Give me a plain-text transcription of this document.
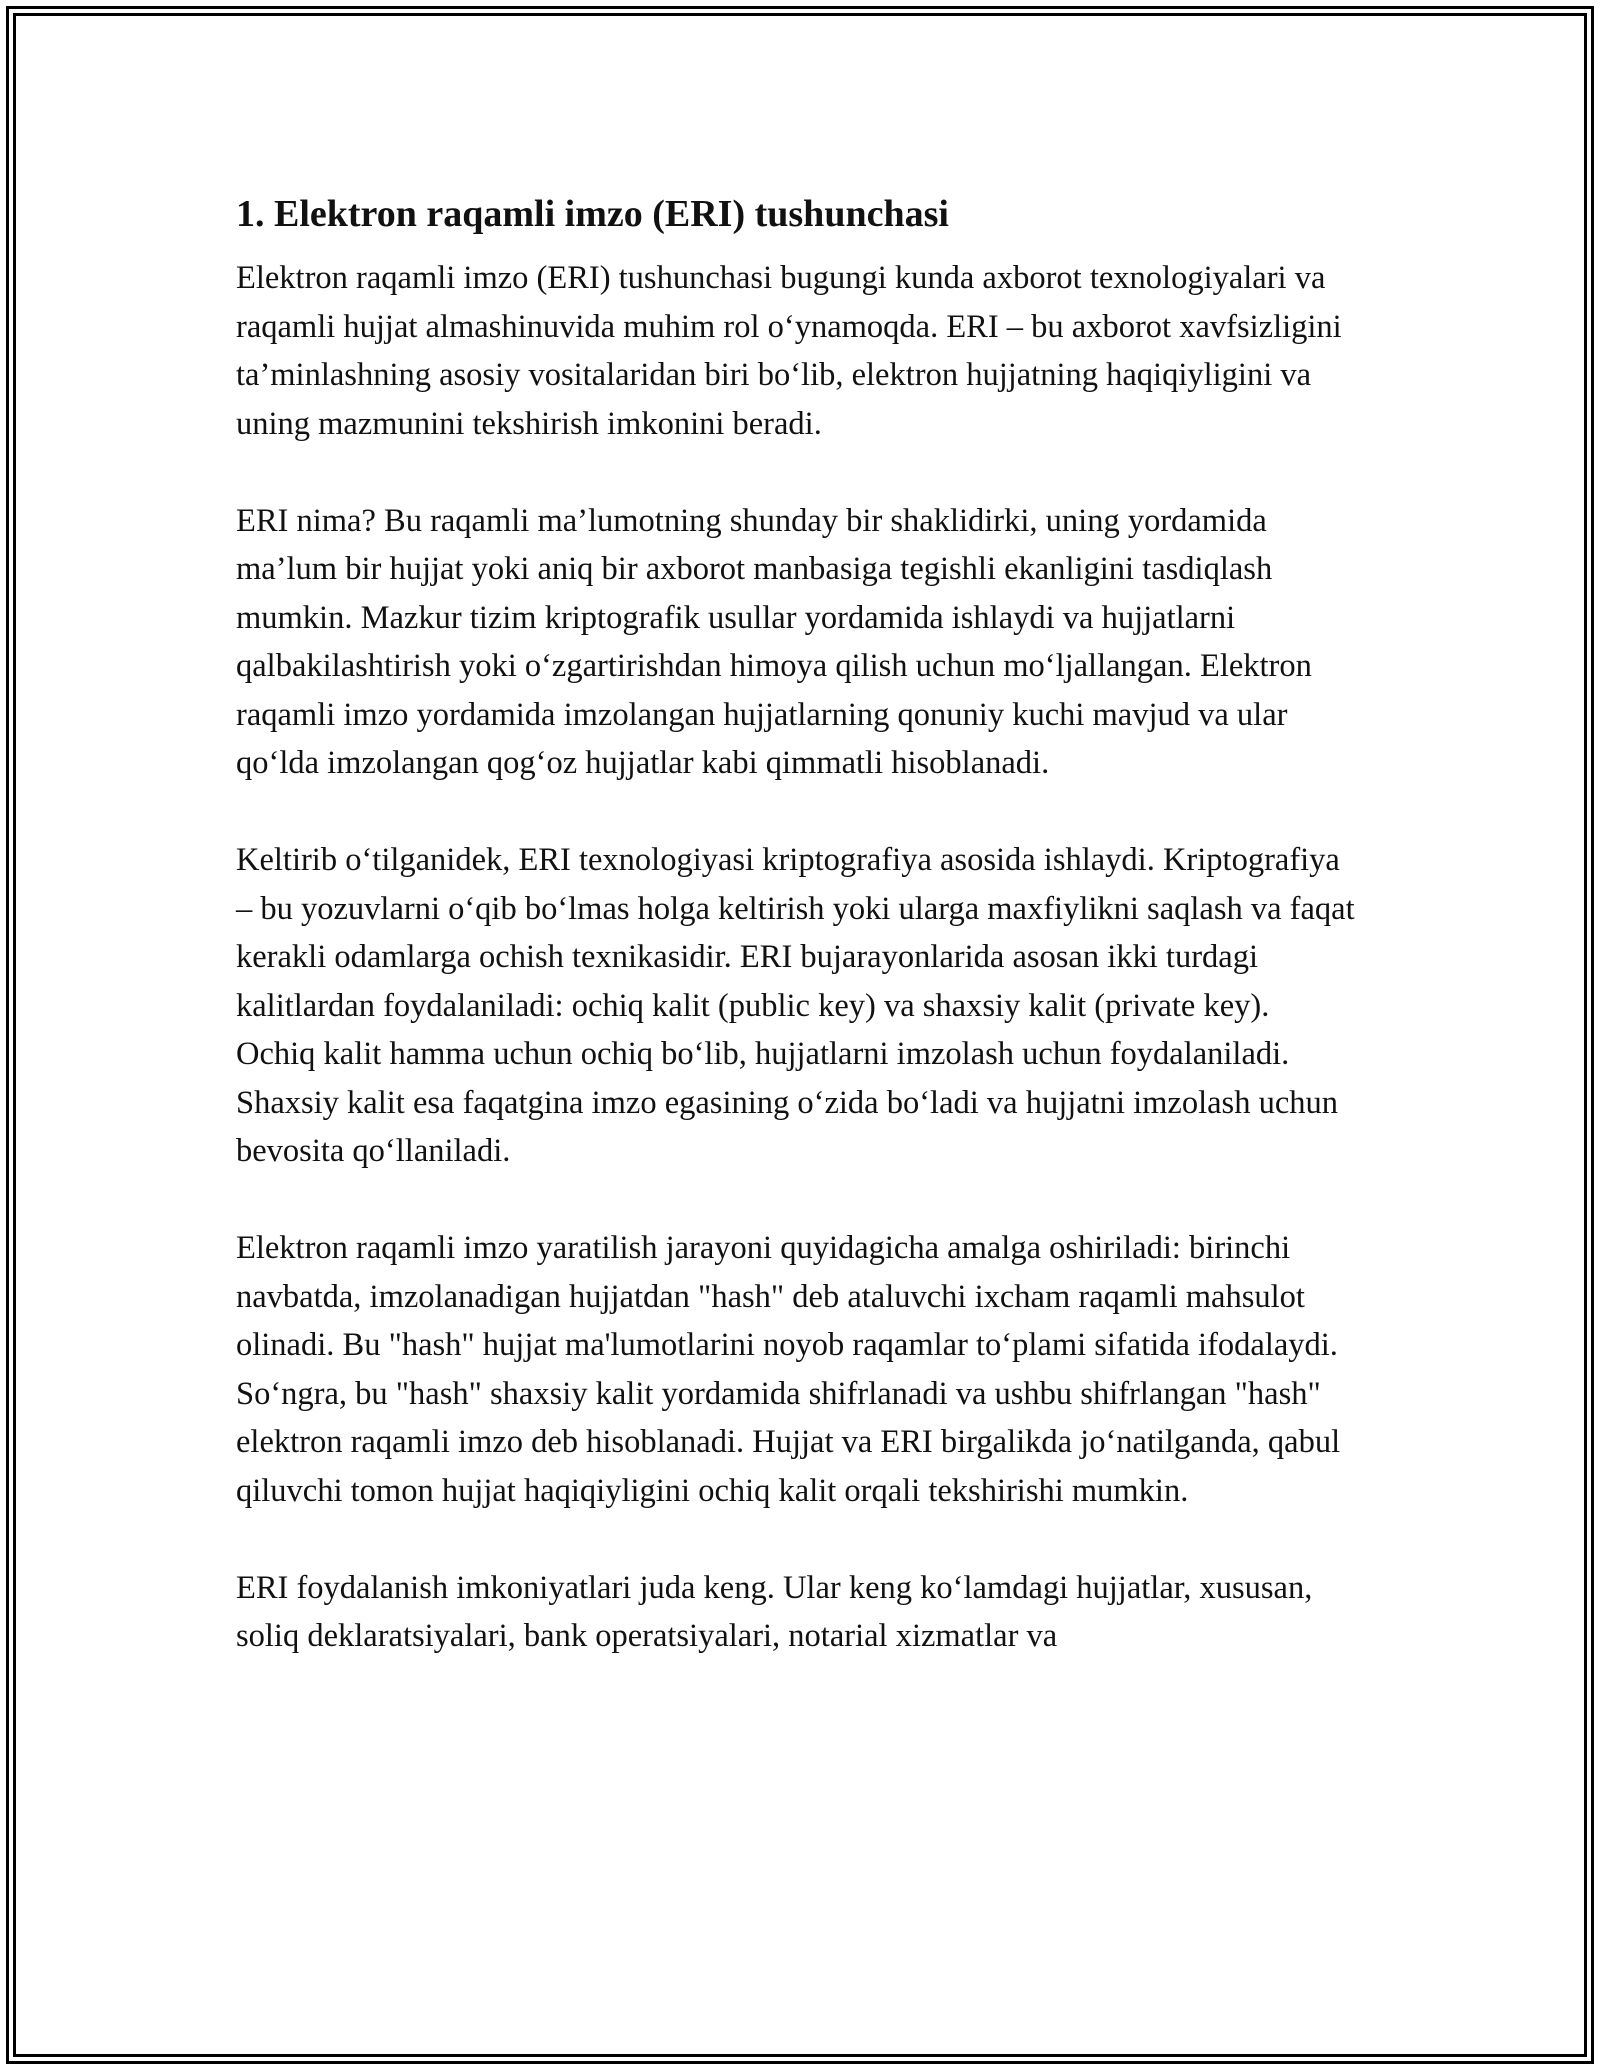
1. Elektron raqamli imzo (ERI) tushunchasi

Elektron raqamli imzo (ERI) tushunchasi bugungi kunda axborot texnologiyalari va raqamli hujjat almashinuvida muhim rol o‘ynamoqda. ERI – bu axborot xavfsizligini ta’minlashning asosiy vositalaridan biri bo‘lib, elektron hujjatning haqiqiyligini va uning mazmunini tekshirish imkonini beradi.

ERI nima? Bu raqamli ma’lumotning shunday bir shaklidirki, uning yordamida ma’lum bir hujjat yoki aniq bir axborot manbasiga tegishli ekanligini tasdiqlash mumkin. Mazkur tizim kriptografik usullar yordamida ishlaydi va hujjatlarni qalbakilashtirish yoki o‘zgartirishdan himoya qilish uchun mo‘ljallangan. Elektron raqamli imzo yordamida imzolangan hujjatlarning qonuniy kuchi mavjud va ular qo‘lda imzolangan qog‘oz hujjatlar kabi qimmatli hisoblanadi.

Keltirib o‘tilganidek, ERI texnologiyasi kriptografiya asosida ishlaydi. Kriptografiya – bu yozuvlarni o‘qib bo‘lmas holga keltirish yoki ularga maxfiylikni saqlash va faqat kerakli odamlarga ochish texnikasidir. ERI bujarayonlarida asosan ikki turdagi kalitlardan foydalaniladi: ochiq kalit (public key) va shaxsiy kalit (private key). Ochiq kalit hamma uchun ochiq bo‘lib, hujjatlarni imzolash uchun foydalaniladi. Shaxsiy kalit esa faqatgina imzo egasining o‘zida bo‘ladi va hujjatni imzolash uchun bevosita qo‘llaniladi.

Elektron raqamli imzo yaratilish jarayoni quyidagicha amalga oshiriladi: birinchi navbatda, imzolanadigan hujjatdan "hash" deb ataluvchi ixcham raqamli mahsulot olinadi. Bu "hash" hujjat ma'lumotlarini noyob raqamlar to‘plami sifatida ifodalaydi. So‘ngra, bu "hash" shaxsiy kalit yordamida shifrlanadi va ushbu shifrlangan "hash" elektron raqamli imzo deb hisoblanadi. Hujjat va ERI birgalikda jo‘natilganda, qabul qiluvchi tomon hujjat haqiqiyligini ochiq kalit orqali tekshirishi mumkin.

ERI foydalanish imkoniyatlari juda keng. Ular keng ko‘lamdagi hujjatlar, xususan, soliq deklaratsiyalari, bank operatsiyalari, notarial xizmatlar va
